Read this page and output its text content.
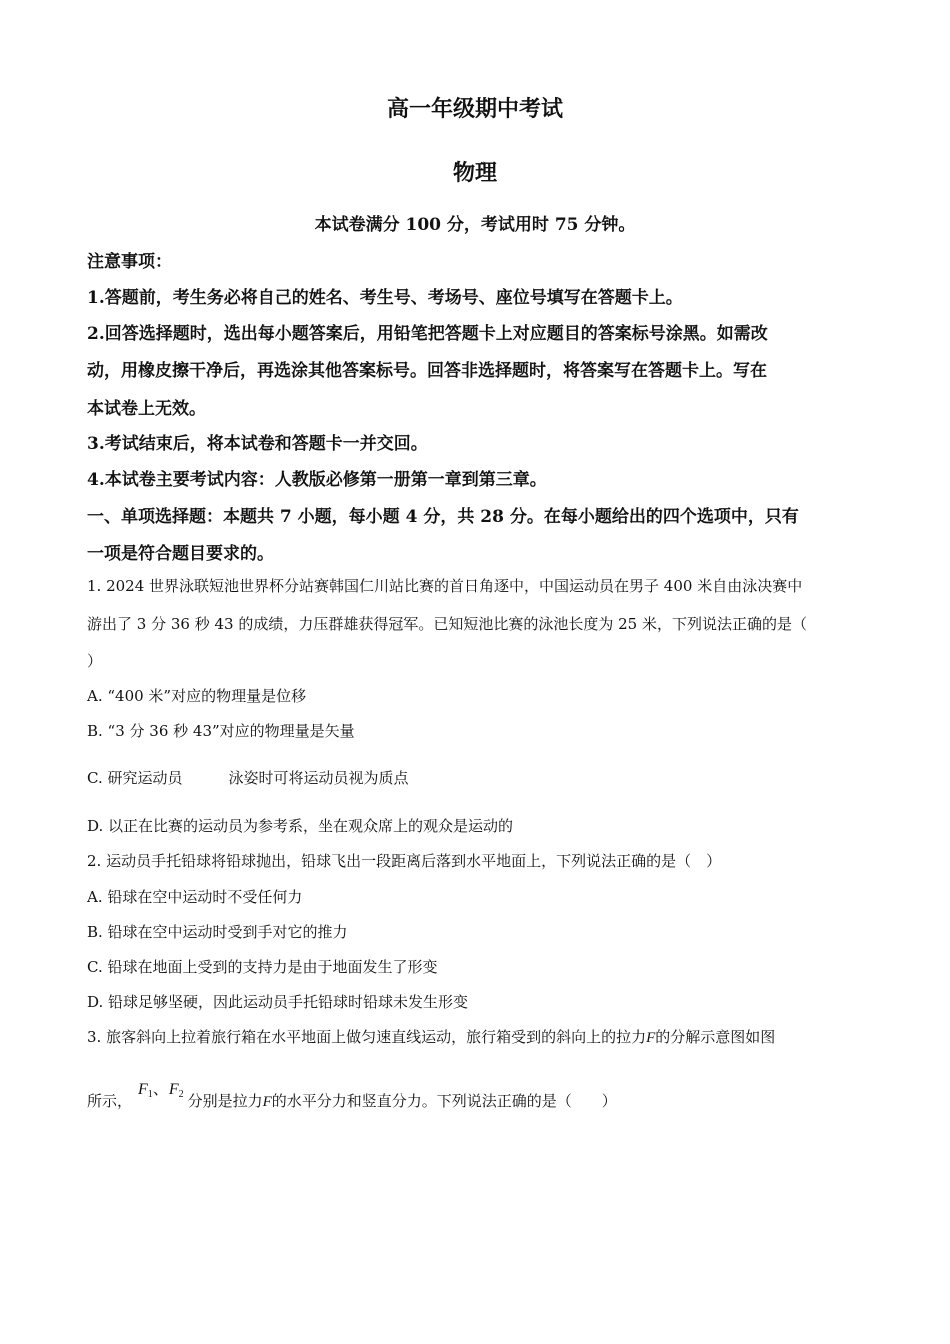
高一年级期中考试
物理
本试卷满分 100 分，考试用时 75 分钟。
注意事项：
1.答题前，考生务必将自己的姓名、考生号、考场号、座位号填写在答题卡上。
2.回答选择题时，选出每小题答案后，用铅笔把答题卡上对应题目的答案标号涂黑。如需改
动，用橡皮擦干净后，再选涂其他答案标号。回答非选择题时，将答案写在答题卡上。写在
本试卷上无效。
3.考试结束后，将本试卷和答题卡一并交回。
4.本试卷主要考试内容：人教版必修第一册第一章到第三章。
一、单项选择题：本题共 7 小题，每小题 4 分，共 28 分。在每小题给出的四个选项中，只有
一项是符合题目要求的。
1. 2024 世界泳联短池世界杯分站赛韩国仁川站比赛的首日角逐中，中国运动员在男子 400 米自由泳决赛中
游出了 3 分 36 秒 43 的成绩，力压群雄获得冠军。已知短池比赛的泳池长度为 25 米，下列说法正确的是（
）
A. “400 米”对应的物理量是位移
B. “3 分 36 秒 43”对应的物理量是矢量
C. 研究运动员	泳姿时可将运动员视为质点
D. 以正在比赛的运动员为参考系，坐在观众席上的观众是运动的
2. 运动员手托铅球将铅球抛出，铅球飞出一段距离后落到水平地面上，下列说法正确的是（　）
A. 铅球在空中运动时不受任何力
B. 铅球在空中运动时受到手对它的推力
C. 铅球在地面上受到的支持力是由于地面发生了形变
D. 铅球足够坚硬，因此运动员手托铅球时铅球未发生形变
3. 旅客斜向上拉着旅行箱在水平地面上做匀速直线运动，旅行箱受到的斜向上的拉力F的分解示意图如图
所示，$F_1$、$F_2$ 分别是拉力F的水平分力和竖直分力。下列说法正确的是（　　）
